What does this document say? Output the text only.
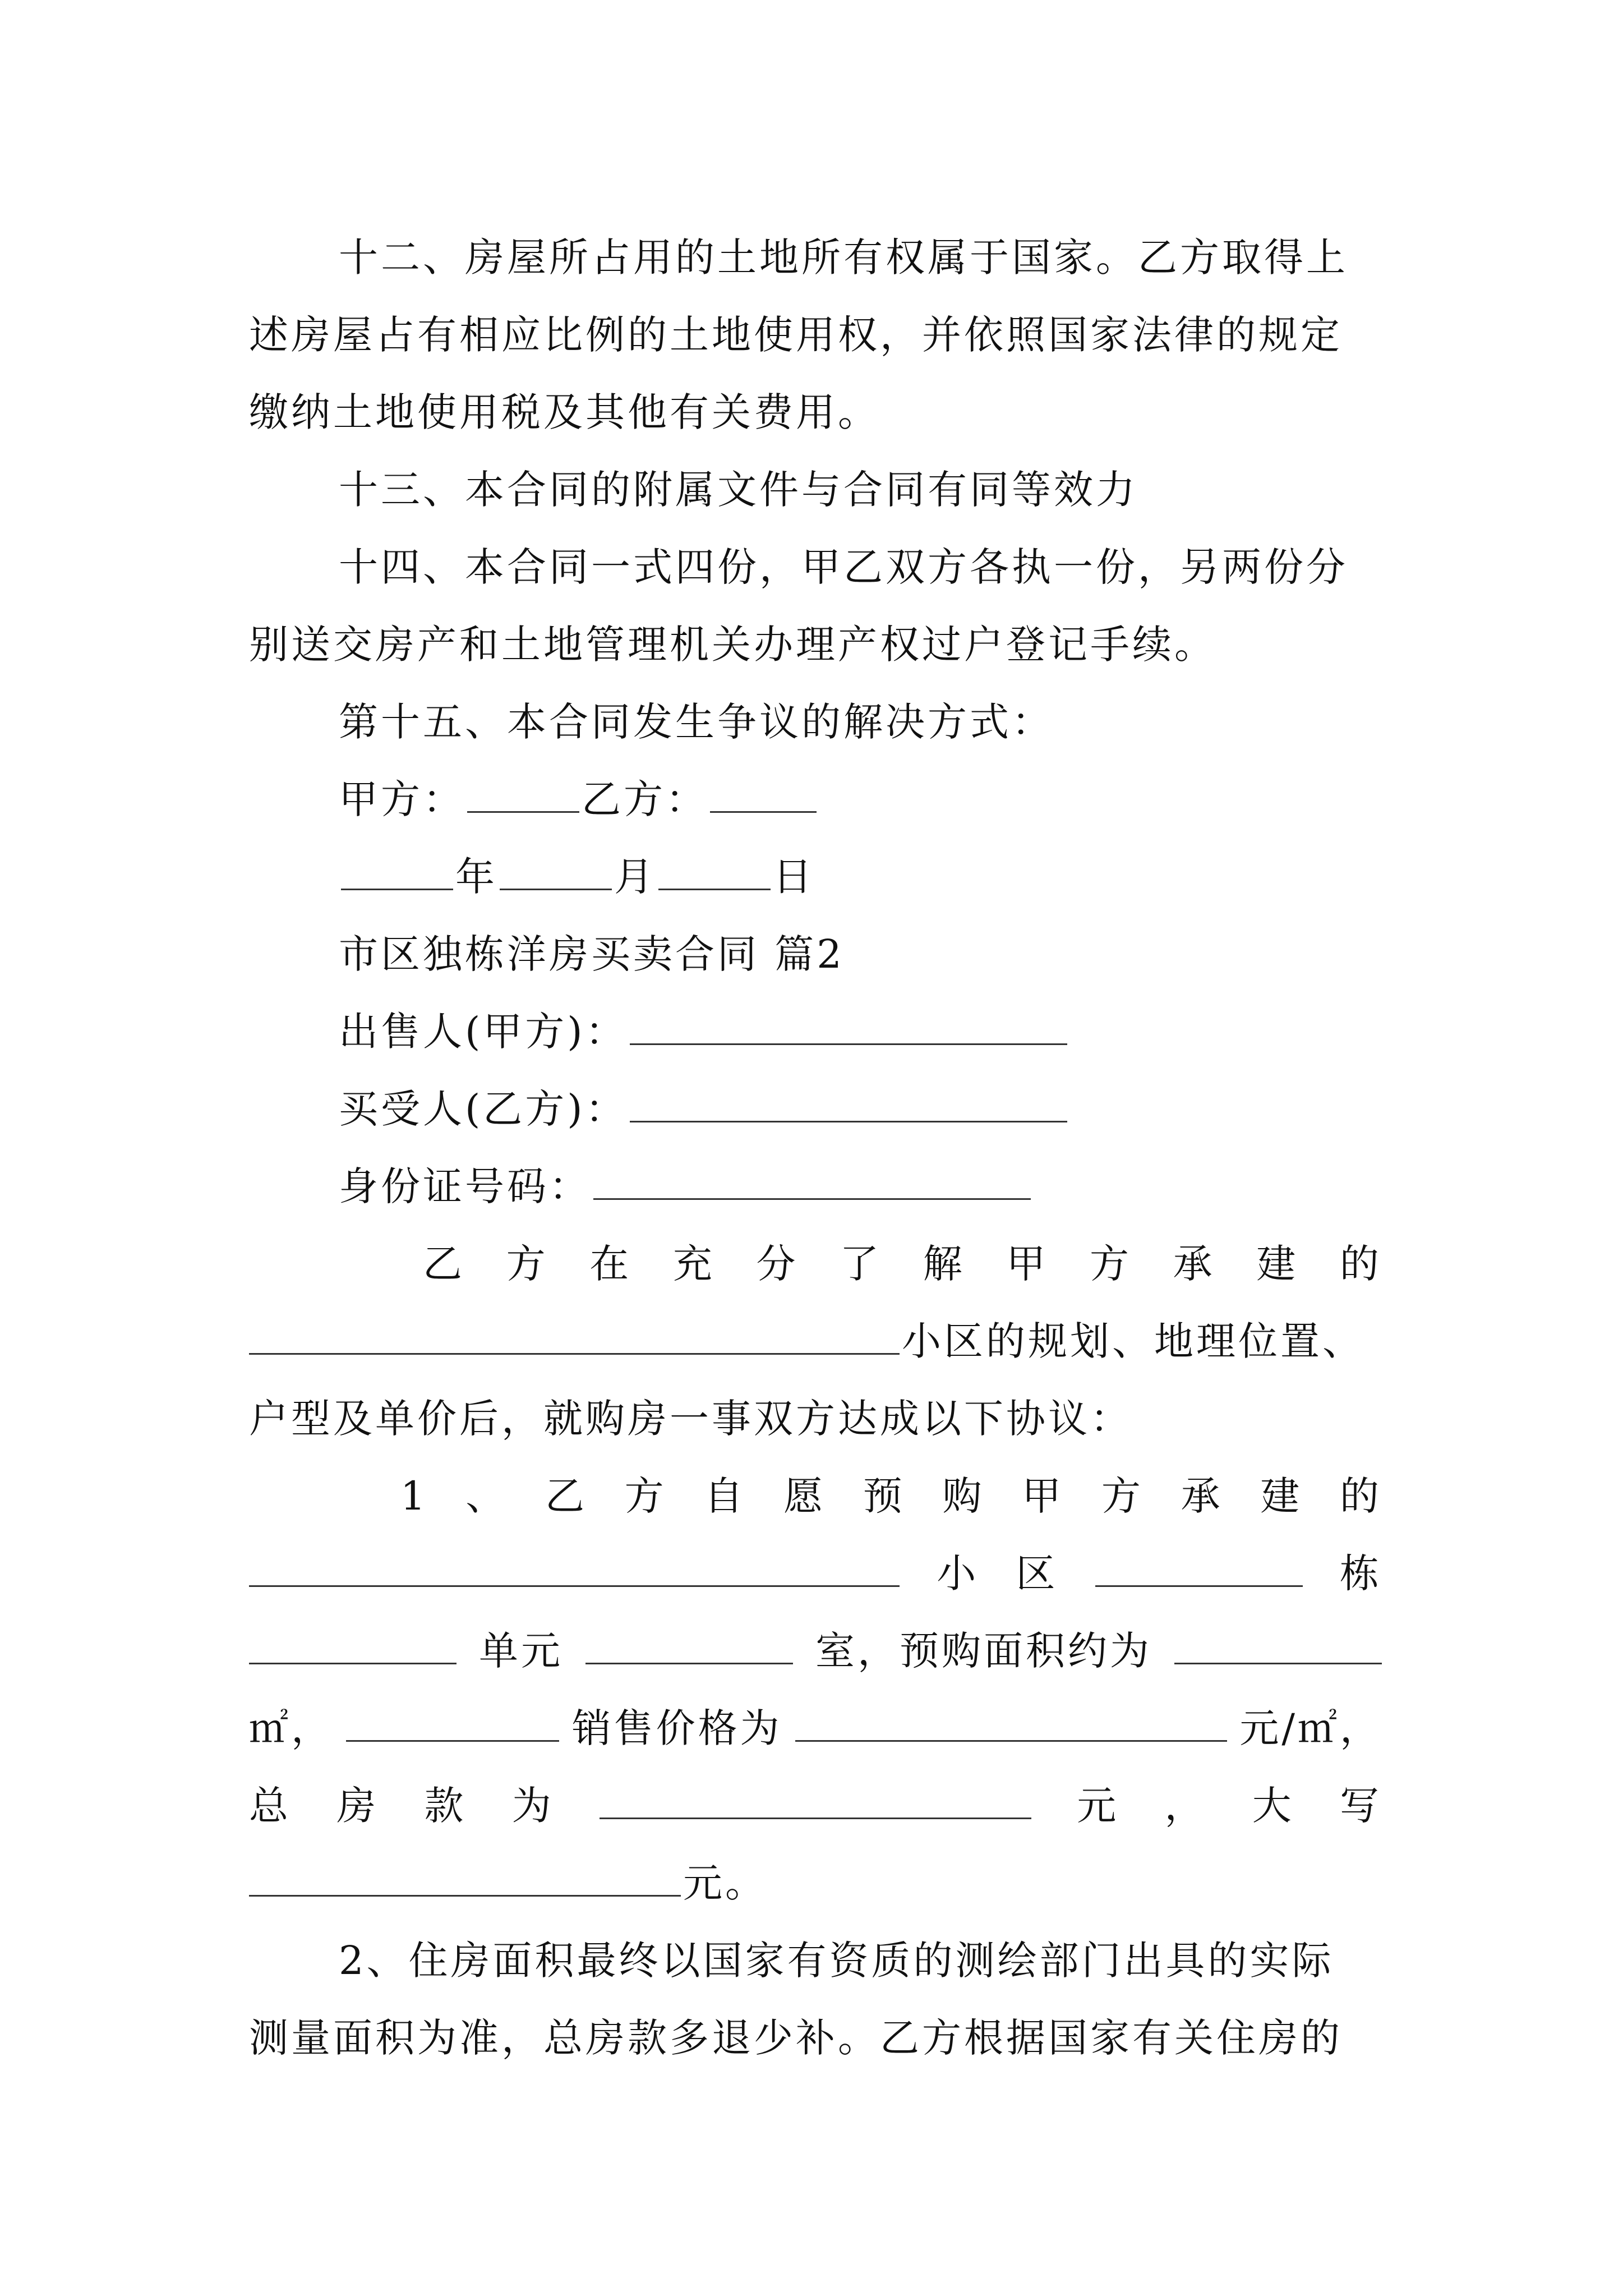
十二、房屋所占用的土地所有权属于国家。乙方取得上
述房屋占有相应比例的土地使用权，并依照国家法律的规定
缴纳土地使用税及其他有关费用。
十三、本合同的附属文件与合同有同等效力
十四、本合同一式四份，甲乙双方各执一份，另两份分
别送交房产和土地管理机关办理产权过户登记手续。
第十五、本合同发生争议的解决方式：
甲方：	乙方：
年	月	日
市区独栋洋房买卖合同 篇2
出售人(甲方)：
买受人(乙方)：
身份证号码：
乙 方 在 充 分 了 解 甲 方 承 建 的
小区的规划、地理位置、
户型及单价后，就购房一事双方达成以下协议：
1 、 乙 方 自 愿 预 购 甲 方 承 建 的
小 区	栋
单元	室，预购面积约为
㎡，	销售价格为	元/㎡，
总 房 款 为	元 ， 大 写
元。
2、住房面积最终以国家有资质的测绘部门出具的实际
测量面积为准，总房款多退少补。乙方根据国家有关住房的
